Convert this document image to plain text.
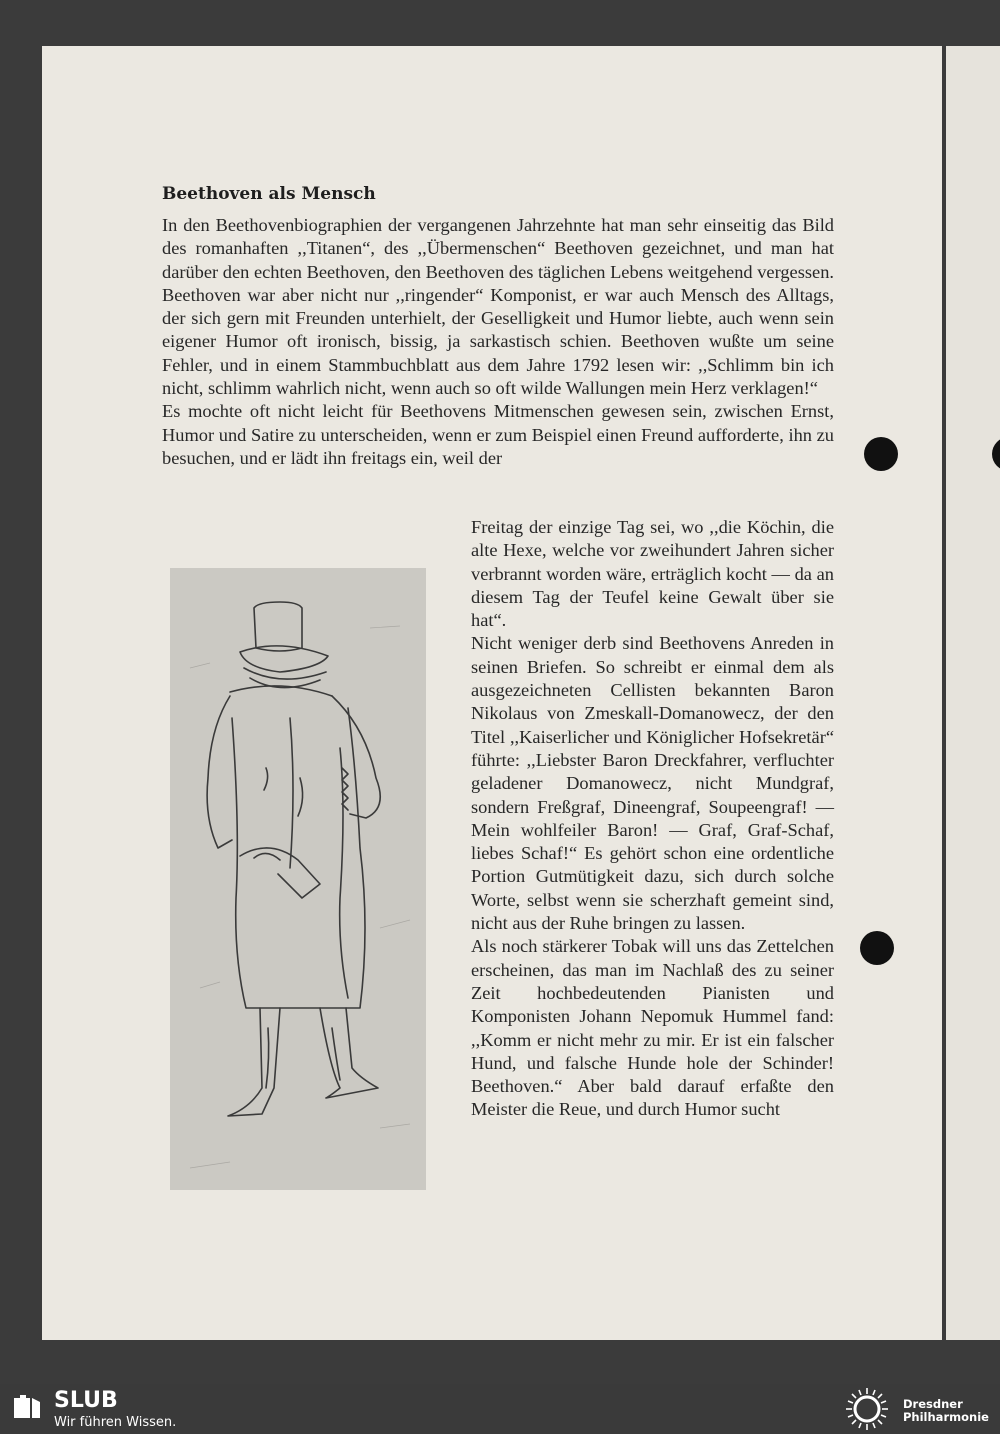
Beethoven als Mensch

In den Beethovenbiographien der vergangenen Jahrzehnte hat man sehr einseitig das Bild des romanhaften ,,Titanen“, des ,,Übermenschen“ Beethoven gezeichnet, und man hat darüber den echten Beethoven, den Beethoven des täglichen Lebens weitgehend vergessen. Beethoven war aber nicht nur ,,ringender“ Komponist, er war auch Mensch des Alltags, der sich gern mit Freunden unterhielt, der Geselligkeit und Humor liebte, auch wenn sein eigener Humor oft ironisch, bissig, ja sarkastisch schien. Beethoven wußte um seine Fehler, und in einem Stammbuchblatt aus dem Jahre 1792 lesen wir: ,,Schlimm bin ich nicht, schlimm wahrlich nicht, wenn auch so oft wilde Wallungen mein Herz verklagen!“

Es mochte oft nicht leicht für Beethovens Mitmenschen gewesen sein, zwischen Ernst, Humor und Satire zu unterscheiden, wenn er zum Beispiel einen Freund aufforderte, ihn zu besuchen, und er lädt ihn freitags ein, weil der

Freitag der einzige Tag sei, wo ,,die Köchin, die alte Hexe, welche vor zweihundert Jahren sicher verbrannt worden wäre, erträglich kocht — da an diesem Tag der Teufel keine Gewalt über sie hat“.

Nicht weniger derb sind Beethovens Anreden in seinen Briefen. So schreibt er einmal dem als ausgezeichneten Cellisten bekannten Baron Nikolaus von Zmeskall-Domanowecz, der den Titel ,,Kaiserlicher und Königlicher Hofsekretär“ führte: ,,Liebster Baron Dreckfahrer, verfluchter geladener Domanowecz, nicht Mundgraf, sondern Freßgraf, Dineengraf, Soupeengraf! — Mein wohlfeiler Baron! — Graf, Graf-Schaf, liebes Schaf!“ Es gehört schon eine ordentliche Portion Gutmütigkeit dazu, sich durch solche Worte, selbst wenn sie scherzhaft gemeint sind, nicht aus der Ruhe bringen zu lassen.

Als noch stärkerer Tobak will uns das Zettelchen erscheinen, das man im Nachlaß des zu seiner Zeit hochbedeutenden Pianisten und Komponisten Johann Nepomuk Hummel fand: ,,Komm er nicht mehr zu mir. Er ist ein falscher Hund, und falsche Hunde hole der Schinder! Beethoven.“ Aber bald darauf erfaßte den Meister die Reue, und durch Humor sucht

SLUB
Wir führen Wissen.
Dresdner
Philharmonie
